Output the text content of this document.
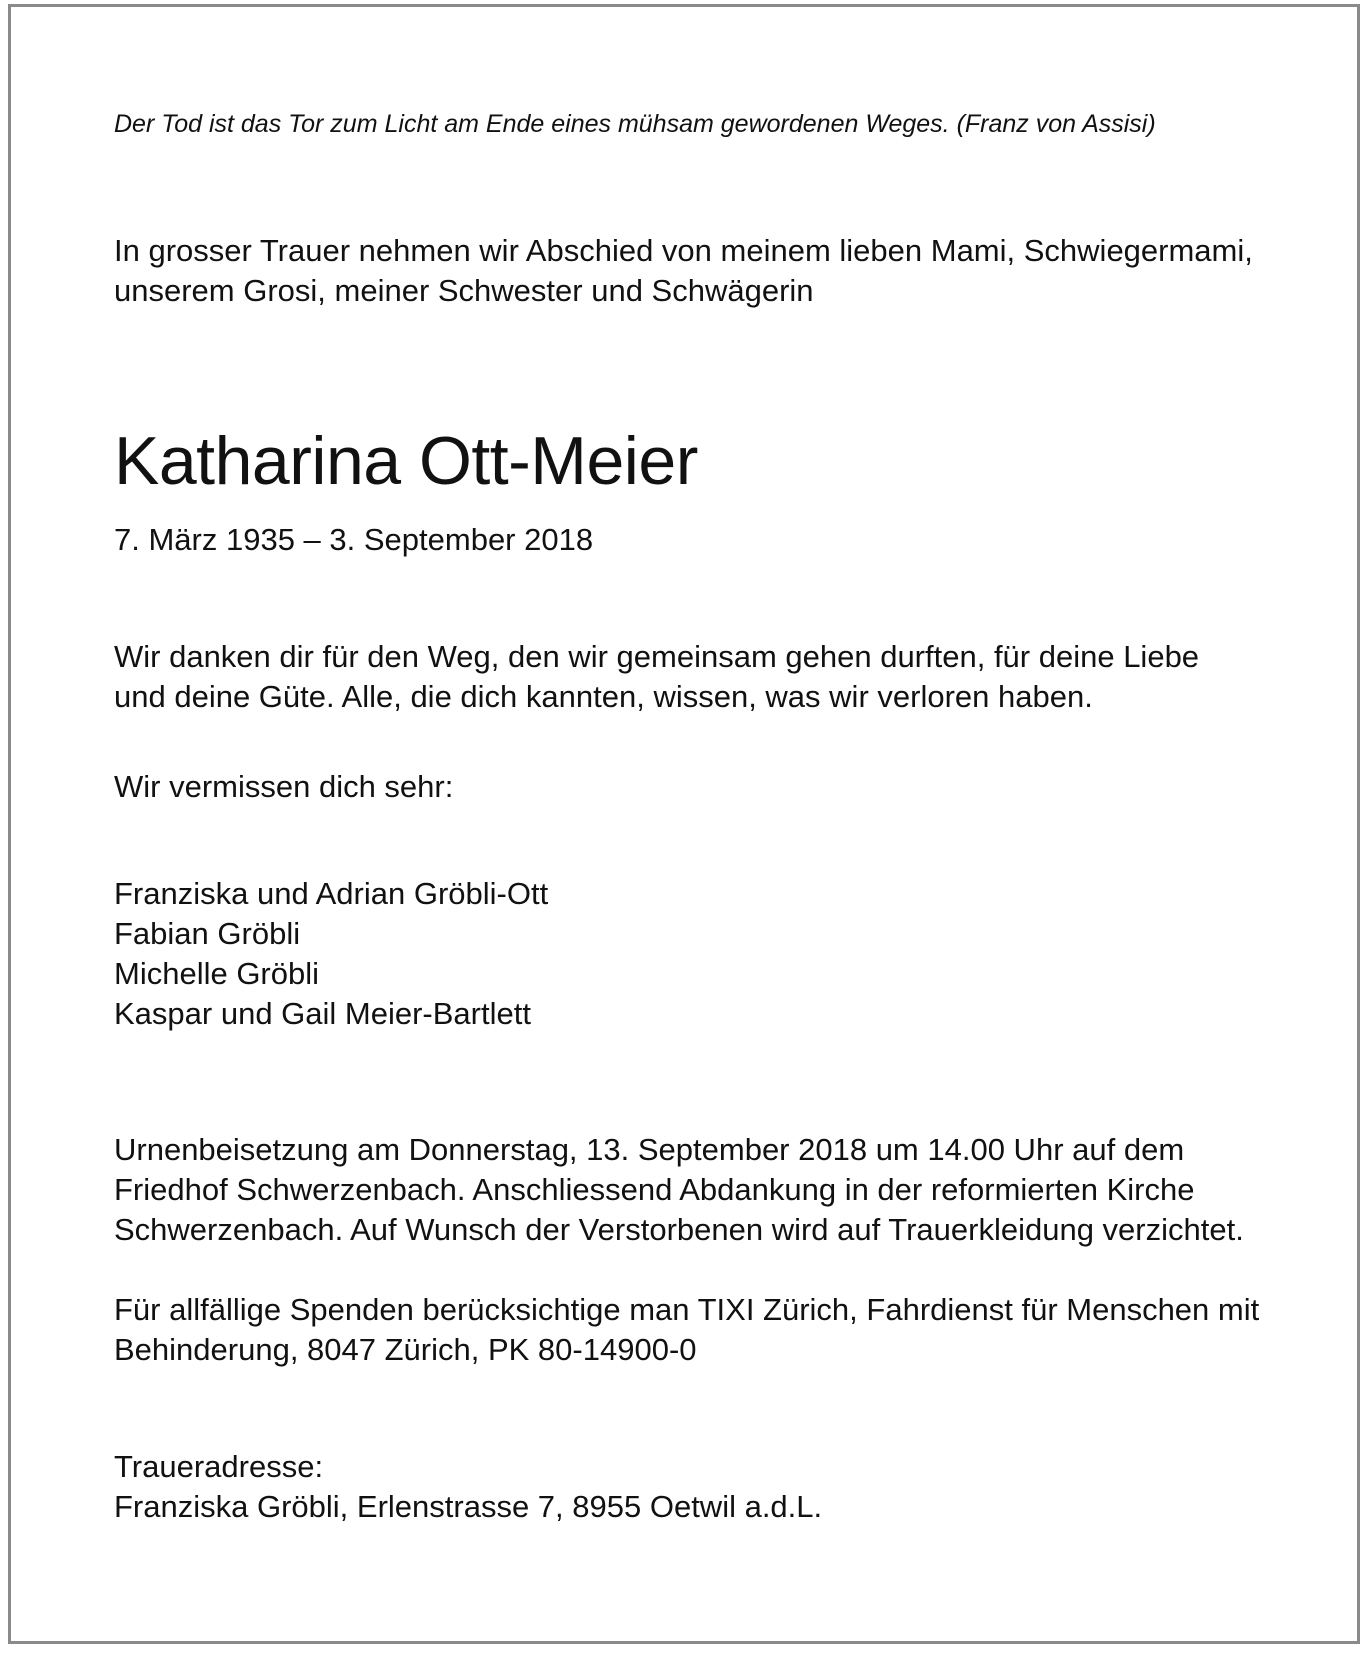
Der Tod ist das Tor zum Licht am Ende eines mühsam gewordenen Weges. (Franz von Assisi)
In grosser Trauer nehmen wir Abschied von meinem lieben Mami, Schwiegermami,
unserem Grosi, meiner Schwester und Schwägerin
Katharina Ott-Meier
7. März 1935 – 3. September 2018
Wir danken dir für den Weg, den wir gemeinsam gehen durften, für deine Liebe
und deine Güte. Alle, die dich kannten, wissen, was wir verloren haben.
Wir vermissen dich sehr:
Franziska und Adrian Gröbli-Ott
Fabian Gröbli
Michelle Gröbli
Kaspar und Gail Meier-Bartlett
Urnenbeisetzung am Donnerstag, 13. September 2018 um 14.00 Uhr auf dem
Friedhof Schwerzenbach. Anschliessend Abdankung in der reformierten Kirche
Schwerzenbach. Auf Wunsch der Verstorbenen wird auf Trauerkleidung verzichtet.
Für allfällige Spenden berücksichtige man TIXI Zürich, Fahrdienst für Menschen mit
Behinderung, 8047 Zürich, PK 80-14900-0
Traueradresse:
Franziska Gröbli, Erlenstrasse 7, 8955 Oetwil a.d.L.
